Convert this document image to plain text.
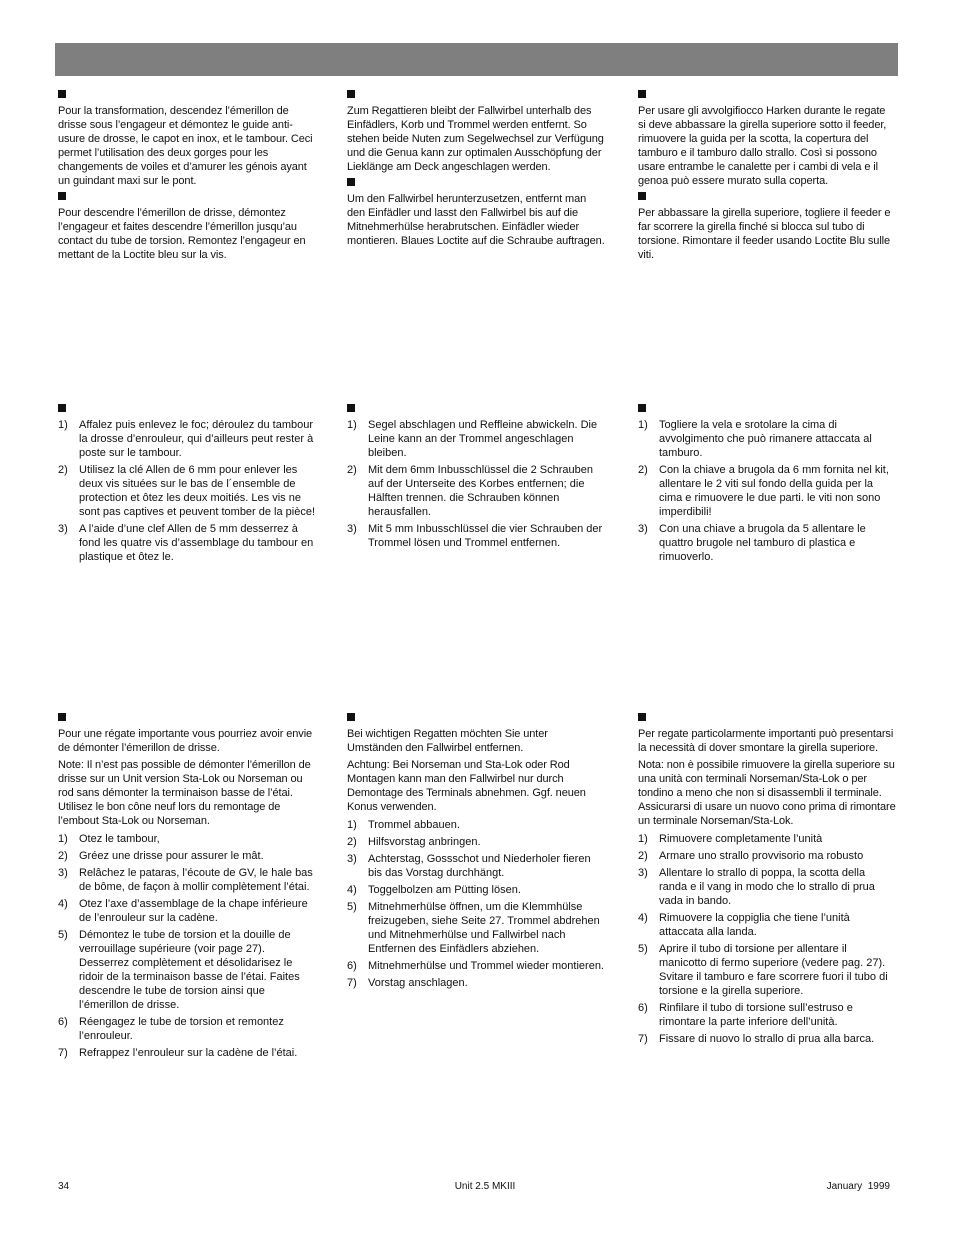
Pour la transformation, descendez l’émerillon de drisse sous l’engageur et démontez le guide anti-usure de drosse, le capot en inox, et le tambour. Ceci permet l’utilisation des deux gorges pour les changements de voiles et d’amurer les génois ayant un guindant maxi sur le pont.

Pour descendre l’émerillon de drisse, démontez l’engageur et faites descendre l’émerillon jusqu’au contact du tube de torsion. Remontez l’engageur en mettant de la Loctite bleu sur la vis.

Zum Regattieren bleibt der Fallwirbel unterhalb des Einfädlers, Korb und Trommel werden entfernt. So stehen beide Nuten zum Segelwechsel zur Verfügung und die Genua kann zur optimalen Ausschöpfung der Lieklänge am Deck angeschlagen werden.

Um den Fallwirbel herunterzusetzen, entfernt man den Einfädler und lasst den Fallwirbel bis auf die Mitnehmerhülse herabrutschen. Einfädler wieder montieren. Blaues Loctite auf die Schraube auftragen.

Per usare gli avvolgifiocco Harken durante le regate si deve abbassare la girella superiore sotto il feeder, rimuovere la guida per la scotta, la copertura del tamburo e il tamburo dallo strallo. Così si possono usare entrambe le canalette per i cambi di vela e il genoa può essere murato sulla coperta.

Per abbassare la girella superiore, togliere il feeder e far scorrere la girella finché si blocca sul tubo di torsione. Rimontare il feeder usando Loctite Blu sulle viti.

1)	Affalez puis enlevez le foc; déroulez du tambour la drosse d’enrouleur, qui d’ailleurs peut rester à poste sur le tambour.
2)	Utilisez la clé Allen de 6 mm pour enlever les deux vis situées sur le bas de l´ensemble de protection et ôtez les deux moitiés. Les vis ne sont pas captives et peuvent tomber de la pièce!
3)	A l’aide d’une clef Allen de 5 mm desserrez à fond les quatre vis d’assemblage du tambour en plastique et ôtez le.
1)	Segel abschlagen und Reffleine abwickeln. Die Leine kann an der Trommel angeschlagen bleiben.
2)	Mit dem 6mm Inbusschlüssel die 2 Schrauben auf der Unterseite des Korbes entfernen; die Hälften trennen. die Schrauben können herausfallen.
3)	Mit 5 mm Inbusschlüssel die vier Schrauben der Trommel lösen und Trommel entfernen.
1)	Togliere la vela e srotolare la cima di avvolgimento che può rimanere attaccata al tamburo.
2)	Con la chiave a brugola da 6 mm fornita nel kit, allentare le 2 viti sul fondo della guida per la cima e rimuovere le due parti. le viti non sono imperdibili!
3)	Con una chiave a brugola da 5 allentare le quattro brugole nel tamburo di plastica e rimuoverlo.

Pour une régate importante vous pourriez avoir envie de démonter l’émerillon de drisse.

Note: Il n’est pas possible de démonter l’émerillon de drisse sur un Unit version Sta-Lok ou Norseman ou rod sans démonter la terminaison basse de l’étai. Utilisez le bon cône neuf lors du remontage de l’embout Sta-Lok ou Norseman.

1)	Otez le tambour,
2)	Gréez une drisse pour assurer le mât.
3)	Relâchez le pataras, l’écoute de GV, le hale bas de bôme, de façon à mollir complètement l’étai.
4)	Otez l’axe d’assemblage de la chape inférieure de l’enrouleur sur la cadène.
5)	Démontez le tube de torsion et la douille de verrouillage supérieure (voir page 27). Desserrez complètement et désolidarisez le ridoir de la terminaison basse de l’étai. Faites descendre le tube de torsion ainsi que l’émerillon de drisse.
6)	Réengagez le tube de torsion et remontez l’enrouleur.
7)	Refrappez l’enrouleur sur la cadène de l’étai.

Bei wichtigen Regatten möchten Sie unter Umständen den Fallwirbel entfernen.

Achtung: Bei Norseman und Sta-Lok oder Rod Montagen kann man den Fallwirbel nur durch Demontage des Terminals abnehmen. Ggf. neuen Konus verwenden.

1)	Trommel abbauen.
2)	Hilfsvorstag anbringen.
3)	Achterstag, Gossschot und Niederholer fieren bis das Vorstag durchhängt.
4)	Toggelbolzen am Pütting lösen.
5)	Mitnehmerhülse öffnen, um die Klemmhülse freizugeben, siehe Seite 27. Trommel abdrehen und Mitnehmerhülse und Fallwirbel nach Entfernen des Einfädlers abziehen.
6)	Mitnehmerhülse und Trommel wieder montieren.
7)	Vorstag anschlagen.

Per regate particolarmente importanti può presentarsi la necessità di dover smontare la girella superiore.

Nota: non è possibile rimuovere la girella superiore su una unità con terminali Norseman/Sta-Lok o per tondino a meno che non si disassembli il terminale. Assicurarsi di usare un nuovo cono prima di rimontare un terminale Norseman/Sta-Lok.

1)	Rimuovere completamente l’unità
2)	Armare uno strallo provvisorio ma robusto
3)	Allentare lo strallo di poppa, la scotta della randa e il vang in modo che lo strallo di prua vada in bando.
4)	Rimuovere la coppiglia che tiene l’unità attaccata alla landa.
5)	Aprire il tubo di torsione per allentare il manicotto di fermo superiore (vedere pag. 27). Svitare il tamburo e fare scorrere fuori il tubo di torsione e la girella superiore.
6)	Rinfilare il tubo di torsione sull’estruso e rimontare la parte inferiore dell’unità.
7)	Fissare di nuovo lo strallo di prua alla barca.
34	Unit 2.5 MKIII	January  1999
